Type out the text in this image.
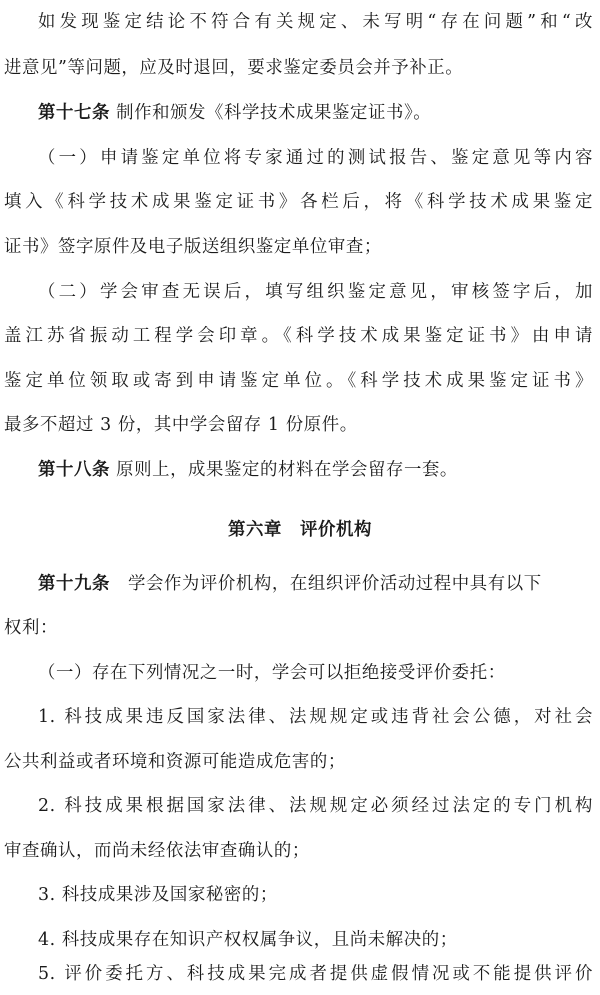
如发现鉴定结论不符合有关规定、未写明“存在问题”和“改
进意见”等问题，应及时退回，要求鉴定委员会并予补正。
第十七条 制作和颁发《科学技术成果鉴定证书》。
（一）申请鉴定单位将专家通过的测试报告、鉴定意见等内容
填入《科学技术成果鉴定证书》各栏后，将《科学技术成果鉴定
证书》签字原件及电子版送组织鉴定单位审查；
（二）学会审查无误后，填写组织鉴定意见，审核签字后，加
盖江苏省振动工程学会印章。《科学技术成果鉴定证书》由申请
鉴定单位领取或寄到申请鉴定单位。《科学技术成果鉴定证书》
最多不超过 3 份，其中学会留存 1 份原件。
第十八条 原则上，成果鉴定的材料在学会留存一套。
第六章　评价机构
第十九条　学会作为评价机构，在组织评价活动过程中具有以下
权利：
（一）存在下列情况之一时，学会可以拒绝接受评价委托：
1. 科技成果违反国家法律、法规规定或违背社会公德，对社会
公共利益或者环境和资源可能造成危害的；
2. 科技成果根据国家法律、法规规定必须经过法定的专门机构
审查确认，而尚未经依法审查确认的；
3. 科技成果涉及国家秘密的；
4. 科技成果存在知识产权权属争议，且尚未解决的；
5. 评价委托方、科技成果完成者提供虚假情况或不能提供评价
